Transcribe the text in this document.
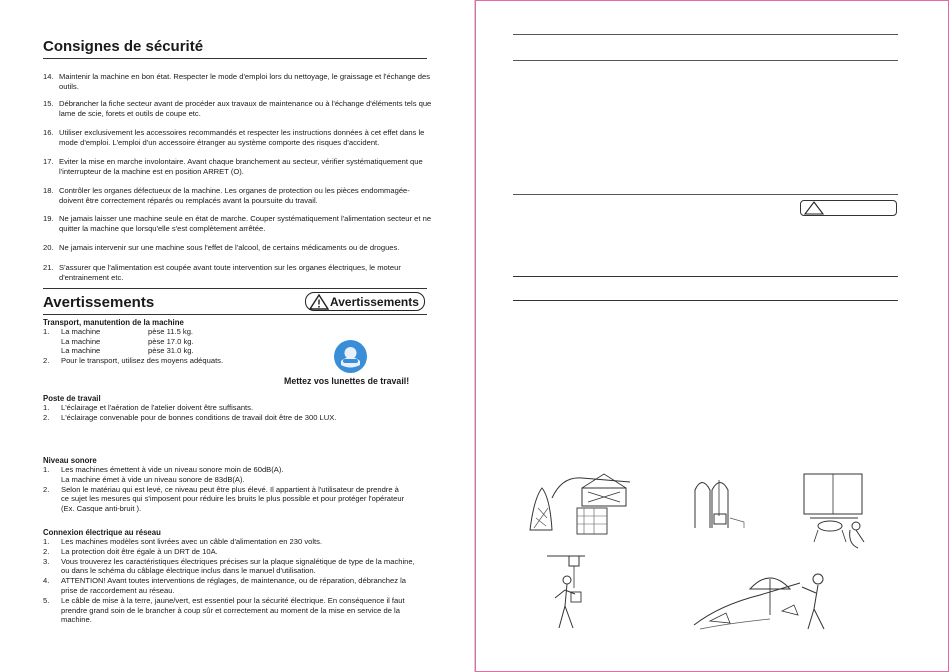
Consignes de sécurité
14. Maintenir la machine en bon état. Respecter le mode d'emploi lors du nettoyage, le graissage et l'échange des outils.
15. Débrancher la fiche secteur avant de procéder aux travaux de maintenance ou à l'échange d'éléments tels que lame de scie, forets et outils de coupe etc.
16. Utiliser exclusivement les accessoires recommandés et respecter les instructions données à cet effet dans le mode d'emploi. L'emploi d'un accessoire étranger au système comporte des risques d'accident.
17. Eviter la mise en marche involontaire. Avant chaque branchement au secteur, vérifier systématiquement que l'interrupteur de la machine est en position ARRET (O).
18. Contrôler les organes défectueux de la machine. Les organes de protection ou les pièces endommagée-doivent être correctement réparés ou remplacés avant la poursuite du travail.
19. Ne jamais laisser une machine seule en état de marche. Couper systématiquement l'alimentation secteur et ne quitter la machine que lorsqu'elle s'est complètement arrêtée.
20. Ne jamais intervenir sur une machine sous l'effet de l'alcool, de certains médicaments ou de drogues.
21. S'assurer que l'alimentation est coupée avant toute intervention sur les organes électriques, le moteur d'entrainement etc.
Avertissements	Avertissements
Transport, manutention de la machine
1. La machine	pèse 11.5 kg.
La machine	pèse 17.0 kg.
La machine	pèse 31.0 kg.
2. Pour le transport, utilisez des moyens adéquats.
Mettez vos lunettes de travail!
Poste de travail
1. L'éclairage et l'aération de l'atelier doivent être suffisants.
2. L'éclairage convenable pour de bonnes conditions de travail doit être de 300 LUX.
Niveau sonore
1. Les machines émettent à vide un niveau sonore moin de 60dB(A).
La machine émet à vide un niveau sonore de 83dB(A).
2. Selon le matériau qui est levé, ce niveau peut être plus élevé. Il appartient à l'utilisateur de prendre à
ce sujet les mesures qui s'imposent pour réduire les bruits le plus possible et pour protéger l'opérateur
(Ex. Casque anti-bruit ).
Connexion électrique au réseau
1. Les machines modèles sont livrées avec un câble d'alimentation en 230 volts.
2. La protection doit être égale à un DRT de 10A.
3. Vous trouverez les caractéristiques électriques précises sur la plaque signalétique de type de la machine,
ou dans le schéma du câblage électrique inclus dans le manuel d'utilisation.
4. ATTENTION! Avant toutes interventions de réglages, de maintenance, ou de réparation, débranchez la
prise de raccordement au réseau.
5. Le câble de mise à la terre, jaune/vert, est essentiel pour la sécurité électrique. En conséquence il faut
prendre grand soin de le brancher à coup sûr et correctement au moment de la mise en service de la
machine.
